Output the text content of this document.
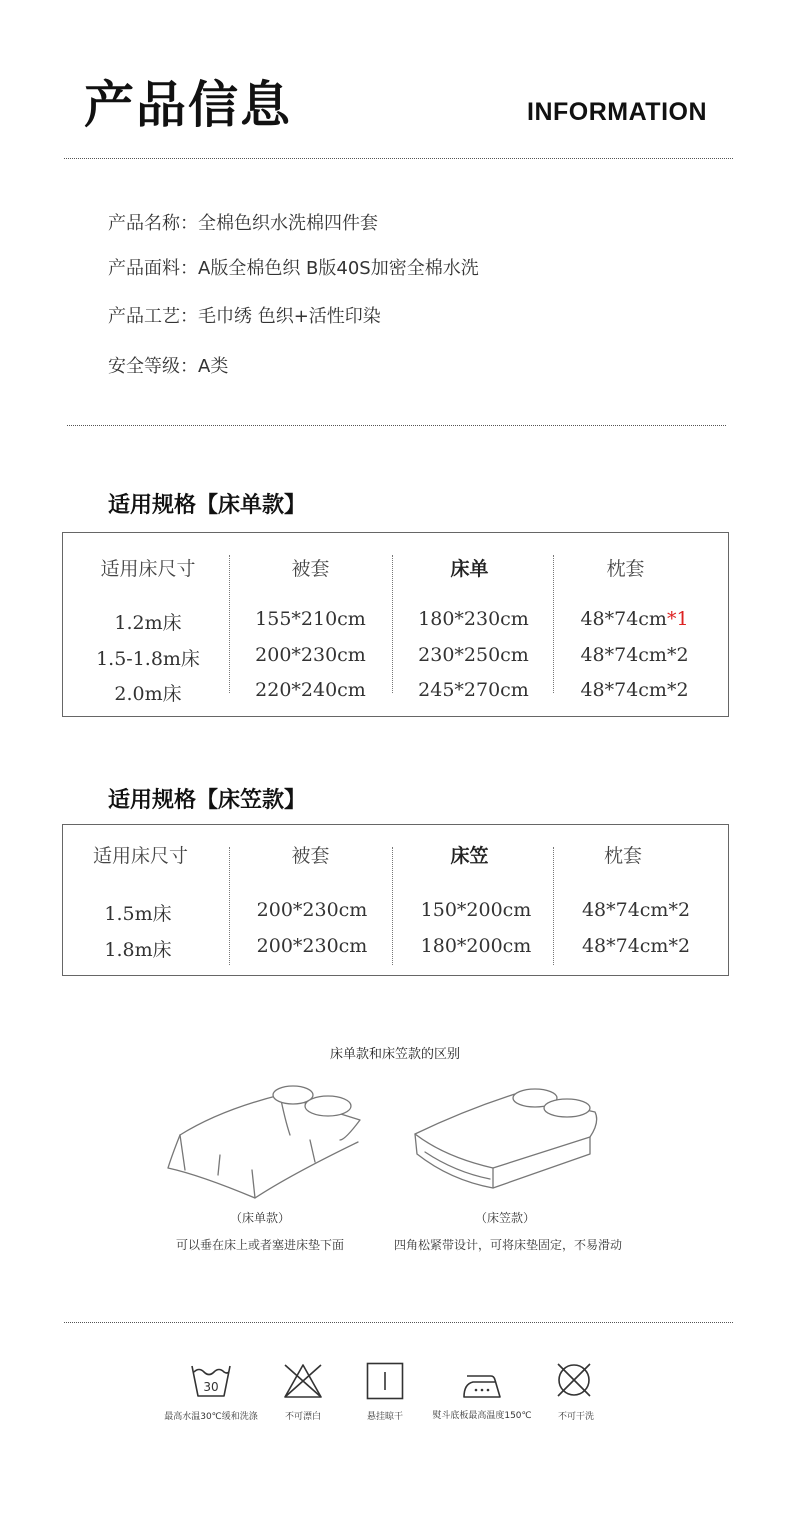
产品信息	INFORMATION
产品名称：全棉色织水洗棉四件套
产品面料：A版全棉色织 B版40S加密全棉水洗
产品工艺：毛巾绣 色织+活性印染
安全等级：A类
适用规格【床单款】
适用床尺寸	被套	床单	枕套
1.2m床	155*210cm	180*230cm	48*74cm*1
1.5-1.8m床	200*230cm	230*250cm	48*74cm*2
2.0m床	220*240cm	245*270cm	48*74cm*2
适用规格【床笠款】
适用床尺寸	被套	床笠	枕套
1.5m床	200*230cm	150*200cm	48*74cm*2
1.8m床	200*230cm	180*200cm	48*74cm*2
床单款和床笠款的区别
（床单款）
可以垂在床上或者塞进床垫下面
（床笠款）
四角松紧带设计，可将床垫固定，不易滑动
30
最高水温30℃缓和洗涤	不可漂白	悬挂晾干	熨斗底板最高温度150℃	不可干洗
